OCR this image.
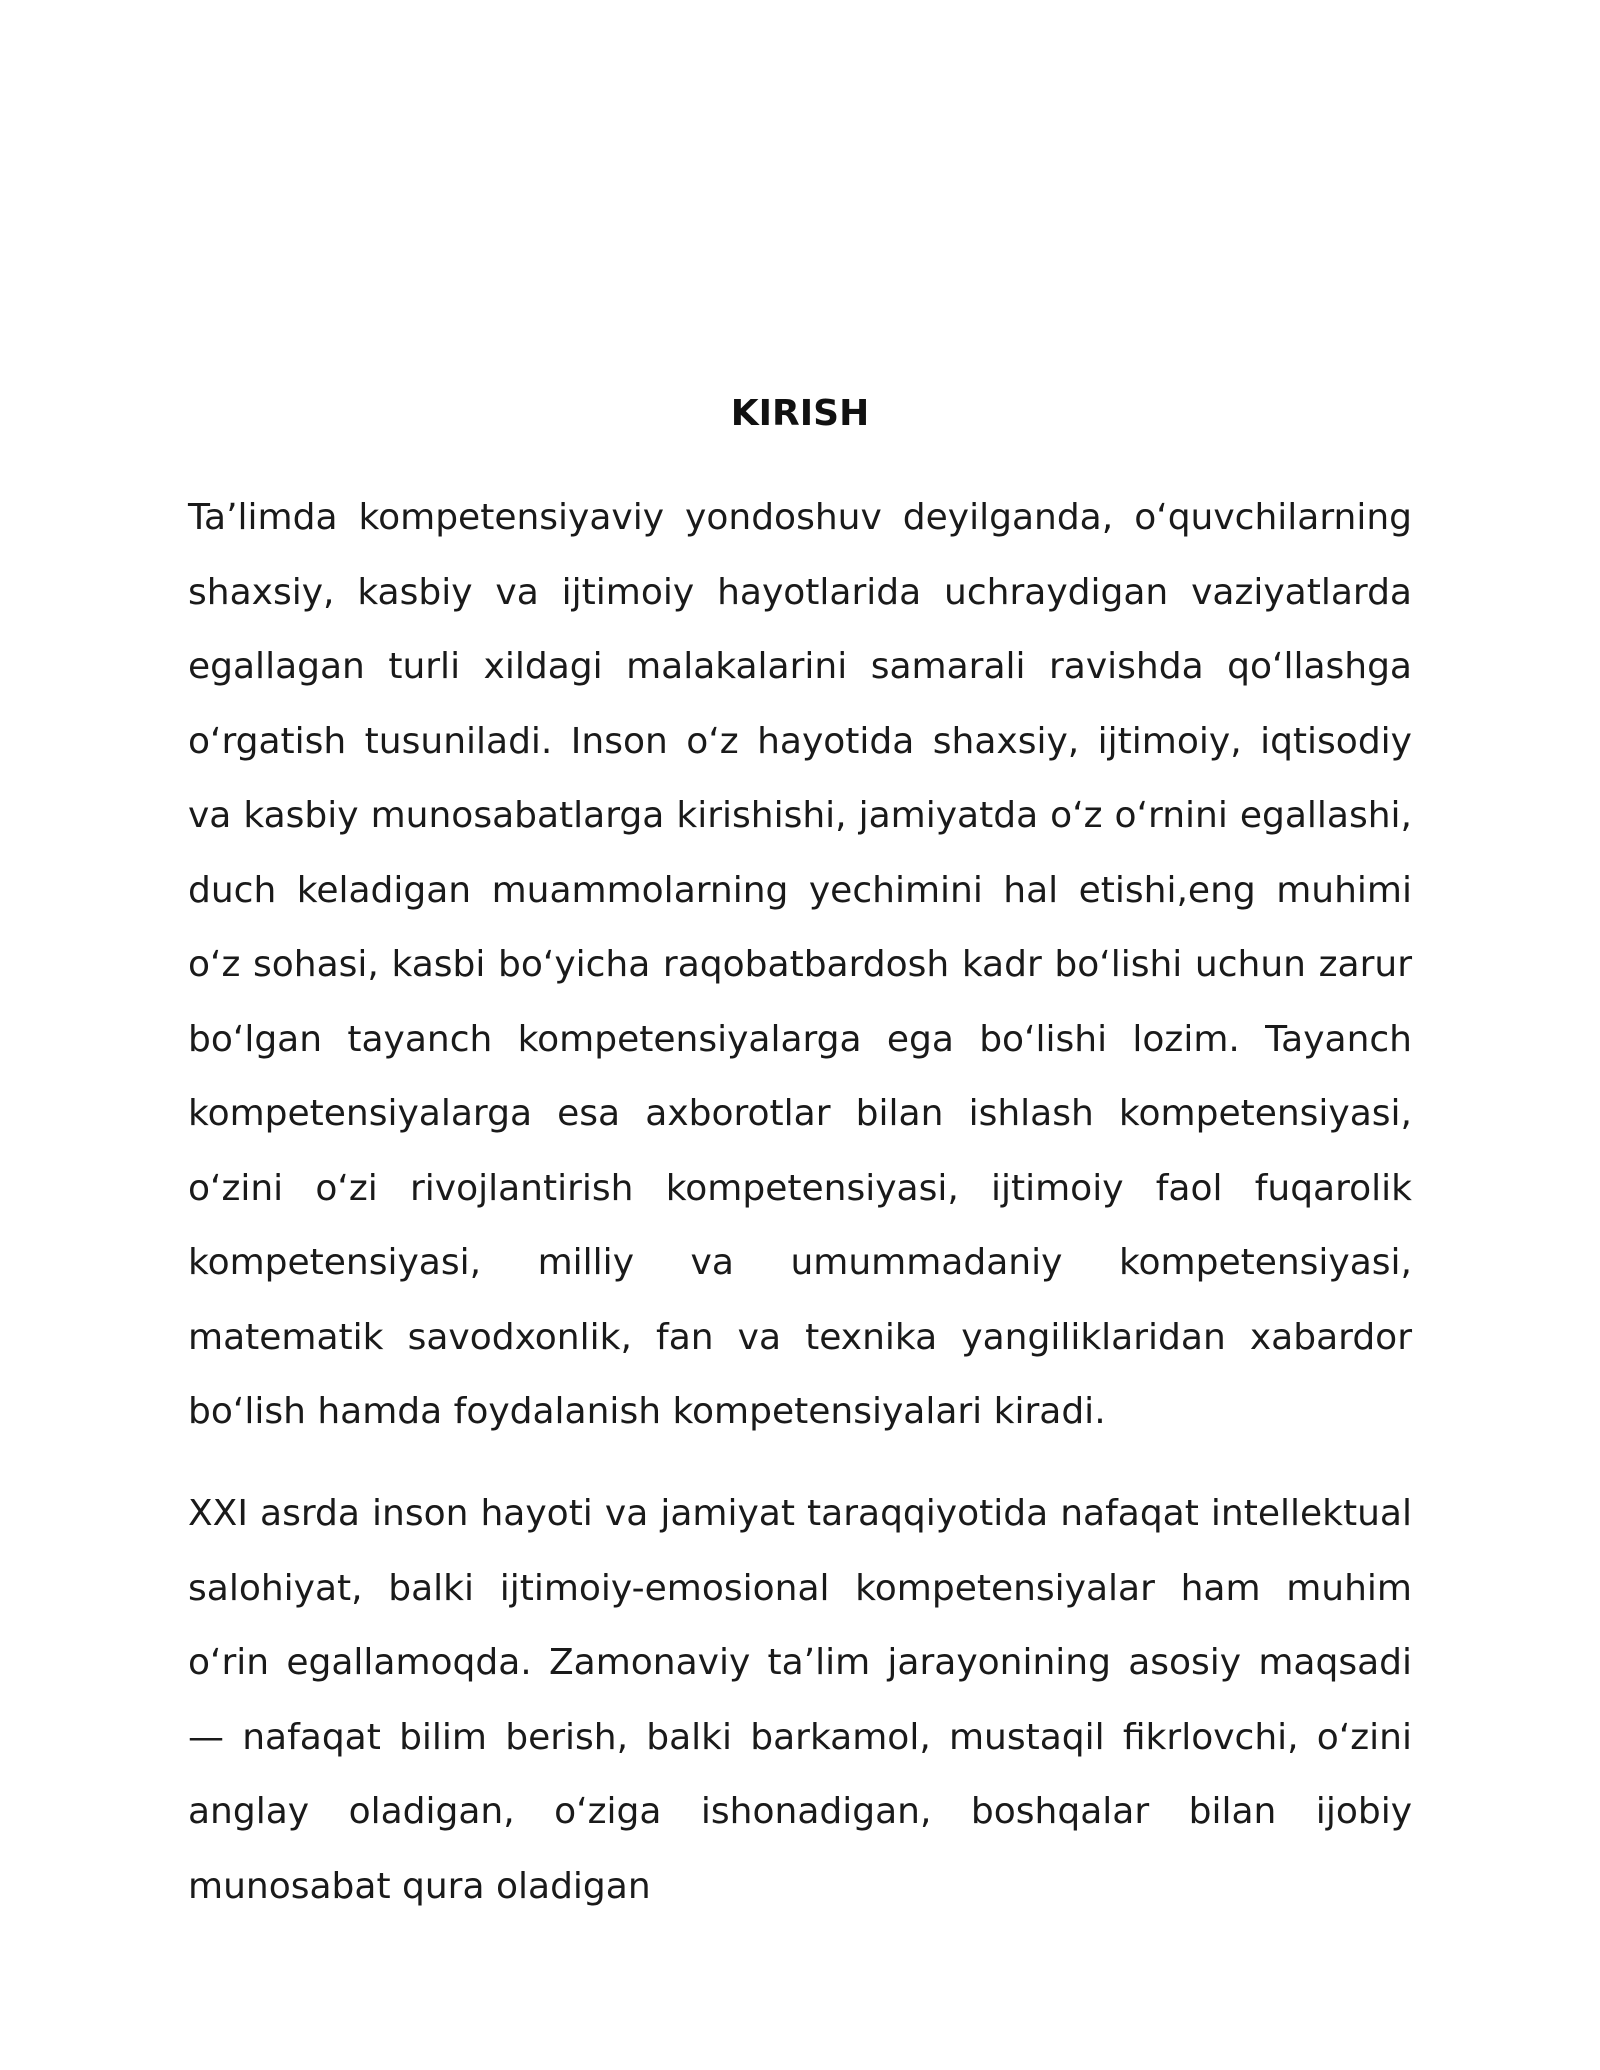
KIRISH

Ta’limda kompetensiyaviy yondoshuv deyilganda, o‘quvchilarning shaxsiy, kasbiy va ijtimoiy hayotlarida uchraydigan vaziyatlarda egallagan turli xildagi malakalarini samarali ravishda qo‘llashga o‘rgatish tusuniladi. Inson o‘z hayotida shaxsiy, ijtimoiy, iqtisodiy va kasbiy munosabatlarga kirishishi, jamiyatda o‘z o‘rnini egallashi, duch keladigan muammolarning yechimini hal etishi,eng muhimi o‘z sohasi, kasbi bo‘yicha raqobatbardosh kadr bo‘lishi uchun zarur bo‘lgan tayanch kompetensiyalarga ega bo‘lishi lozim. Tayanch kompetensiyalarga esa axborotlar bilan ishlash kompetensiyasi, o‘zini o‘zi rivojlantirish kompetensiyasi, ijtimoiy faol fuqarolik kompetensiyasi, milliy va umummadaniy kompetensiyasi, matematik savodxonlik, fan va texnika yangiliklaridan xabardor bo‘lish hamda foydalanish kompetensiyalari kiradi.

XXI asrda inson hayoti va jamiyat taraqqiyotida nafaqat intellektual salohiyat, balki ijtimoiy-emosional kompetensiyalar ham muhim o‘rin egallamoqda. Zamonaviy ta’lim jarayonining asosiy maqsadi — nafaqat bilim berish, balki barkamol, mustaqil fikrlovchi, o‘zini anglay oladigan, o‘ziga ishonadigan, boshqalar bilan ijobiy munosabat qura oladigan
